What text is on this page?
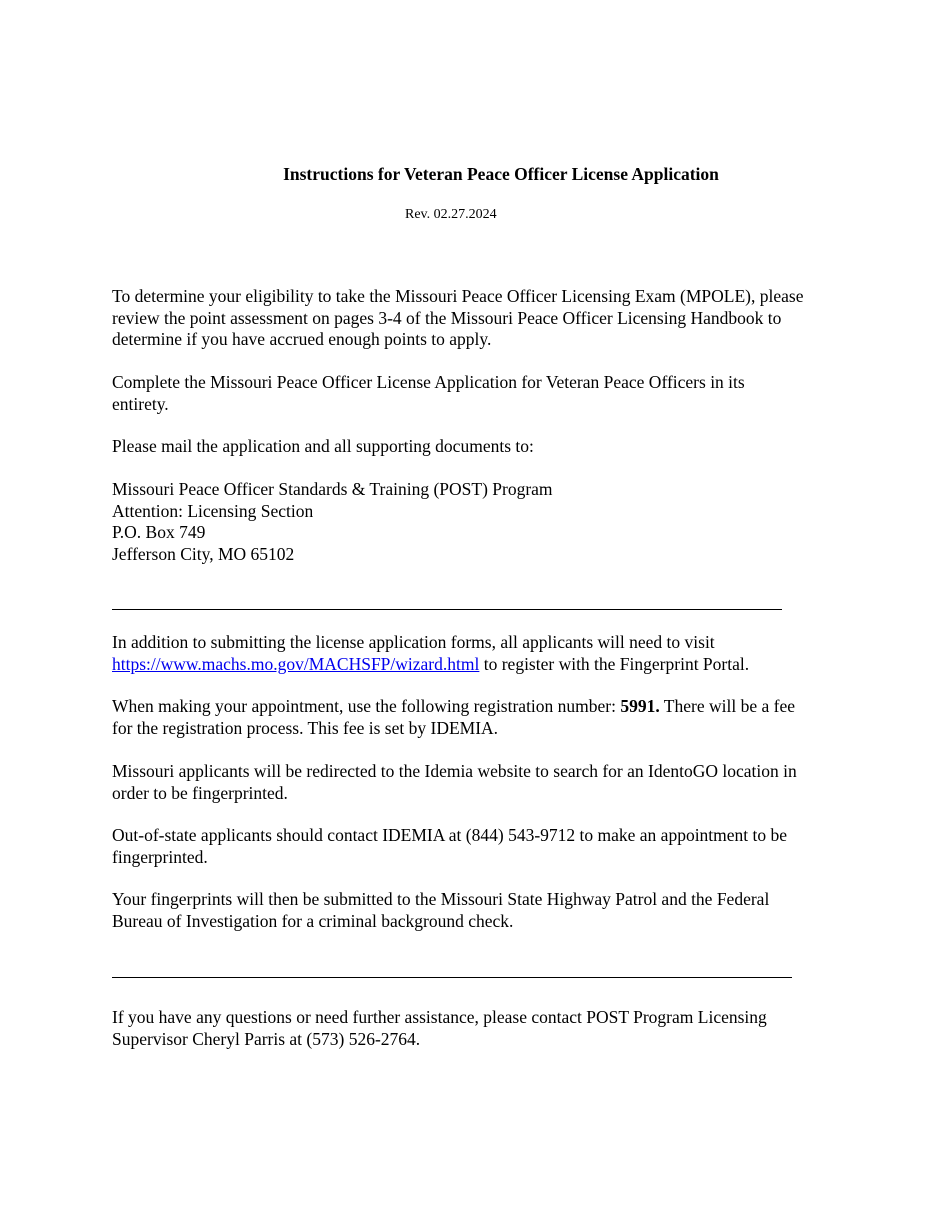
Instructions for Veteran Peace Officer License Application
Rev. 02.27.2024
To determine your eligibility to take the Missouri Peace Officer Licensing Exam (MPOLE), please
review the point assessment on pages 3-4 of the Missouri Peace Officer Licensing Handbook to
determine if you have accrued enough points to apply.
Complete the Missouri Peace Officer License Application for Veteran Peace Officers in its
entirety.
Please mail the application and all supporting documents to:
Missouri Peace Officer Standards & Training (POST) Program
Attention: Licensing Section
P.O. Box 749
Jefferson City, MO 65102
In addition to submitting the license application forms, all applicants will need to visit
https://www.machs.mo.gov/MACHSFP/wizard.html to register with the Fingerprint Portal.
When making your appointment, use the following registration number: 5991. There will be a fee
for the registration process. This fee is set by IDEMIA.
Missouri applicants will be redirected to the Idemia website to search for an IdentoGO location in
order to be fingerprinted.
Out-of-state applicants should contact IDEMIA at (844) 543-9712 to make an appointment to be
fingerprinted.
Your fingerprints will then be submitted to the Missouri State Highway Patrol and the Federal
Bureau of Investigation for a criminal background check.
If you have any questions or need further assistance, please contact POST Program Licensing
Supervisor Cheryl Parris at (573) 526-2764.
